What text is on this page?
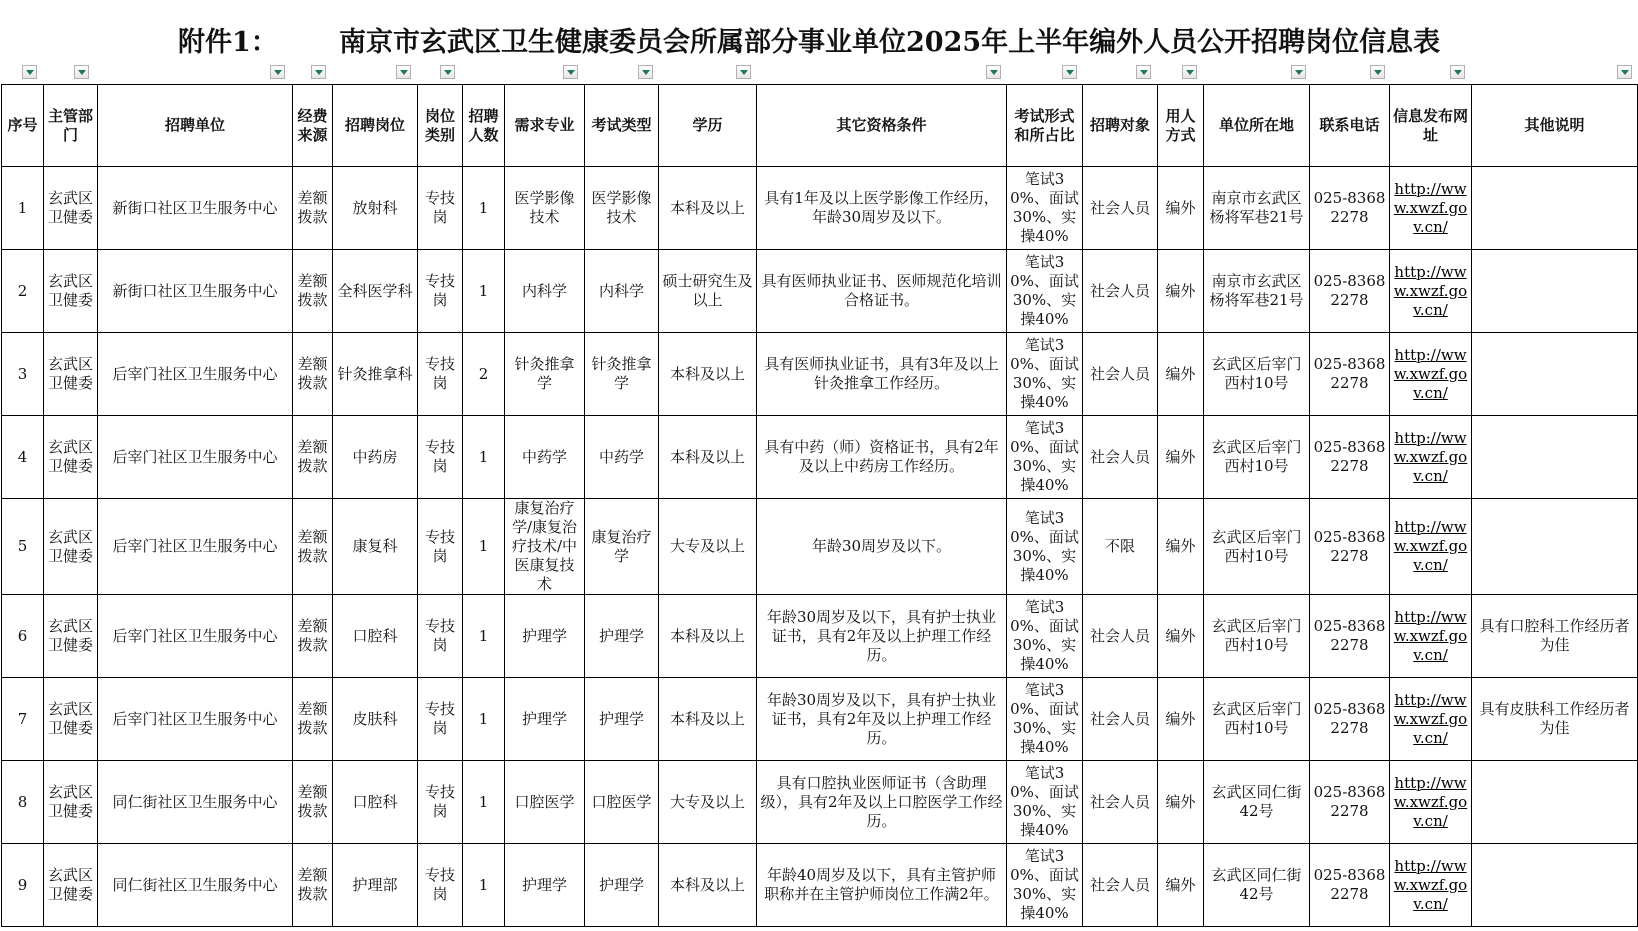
附件1： 南京市玄武区卫生健康委员会所属部分事业单位2025年上半年编外人员公开招聘岗位信息表
序号	主管部门	招聘单位	经费来源	招聘岗位	岗位类别	招聘人数	需求专业	考试类型	学历	其它资格条件	考试形式和所占比	招聘对象	用人方式	单位所在地	联系电话	信息发布网址	其他说明
1	玄武区卫健委	新街口社区卫生服务中心	差额拨款	放射科	专技岗	1	医学影像技术	医学影像技术	本科及以上	具有1年及以上医学影像工作经历，年龄30周岁及以下。	笔试30%、面试30%、实操40%	社会人员	编外	南京市玄武区杨将军巷21号	025-83682278	http://www.xwzf.gov.cn/	
2	玄武区卫健委	新街口社区卫生服务中心	差额拨款	全科医学科	专技岗	1	内科学	内科学	硕士研究生及以上	具有医师执业证书、医师规范化培训合格证书。	笔试30%、面试30%、实操40%	社会人员	编外	南京市玄武区杨将军巷21号	025-83682278	http://www.xwzf.gov.cn/	
3	玄武区卫健委	后宰门社区卫生服务中心	差额拨款	针灸推拿科	专技岗	2	针灸推拿学	针灸推拿学	本科及以上	具有医师执业证书，具有3年及以上针灸推拿工作经历。	笔试30%、面试30%、实操40%	社会人员	编外	玄武区后宰门西村10号	025-83682278	http://www.xwzf.gov.cn/	
4	玄武区卫健委	后宰门社区卫生服务中心	差额拨款	中药房	专技岗	1	中药学	中药学	本科及以上	具有中药（师）资格证书，具有2年及以上中药房工作经历。	笔试30%、面试30%、实操40%	社会人员	编外	玄武区后宰门西村10号	025-83682278	http://www.xwzf.gov.cn/	
5	玄武区卫健委	后宰门社区卫生服务中心	差额拨款	康复科	专技岗	1	康复治疗学/康复治疗技术/中医康复技术	康复治疗学	大专及以上	年龄30周岁及以下。	笔试30%、面试30%、实操40%	不限	编外	玄武区后宰门西村10号	025-83682278	http://www.xwzf.gov.cn/	
6	玄武区卫健委	后宰门社区卫生服务中心	差额拨款	口腔科	专技岗	1	护理学	护理学	本科及以上	年龄30周岁及以下，具有护士执业证书，具有2年及以上护理工作经历。	笔试30%、面试30%、实操40%	社会人员	编外	玄武区后宰门西村10号	025-83682278	http://www.xwzf.gov.cn/	具有口腔科工作经历者为佳
7	玄武区卫健委	后宰门社区卫生服务中心	差额拨款	皮肤科	专技岗	1	护理学	护理学	本科及以上	年龄30周岁及以下，具有护士执业证书，具有2年及以上护理工作经历。	笔试30%、面试30%、实操40%	社会人员	编外	玄武区后宰门西村10号	025-83682278	http://www.xwzf.gov.cn/	具有皮肤科工作经历者为佳
8	玄武区卫健委	同仁街社区卫生服务中心	差额拨款	口腔科	专技岗	1	口腔医学	口腔医学	大专及以上	具有口腔执业医师证书（含助理级），具有2年及以上口腔医学工作经历。	笔试30%、面试30%、实操40%	社会人员	编外	玄武区同仁街42号	025-83682278	http://www.xwzf.gov.cn/	
9	玄武区卫健委	同仁街社区卫生服务中心	差额拨款	护理部	专技岗	1	护理学	护理学	本科及以上	年龄40周岁及以下，具有主管护师职称并在主管护师岗位工作满2年。	笔试30%、面试30%、实操40%	社会人员	编外	玄武区同仁街42号	025-83682278	http://www.xwzf.gov.cn/	
